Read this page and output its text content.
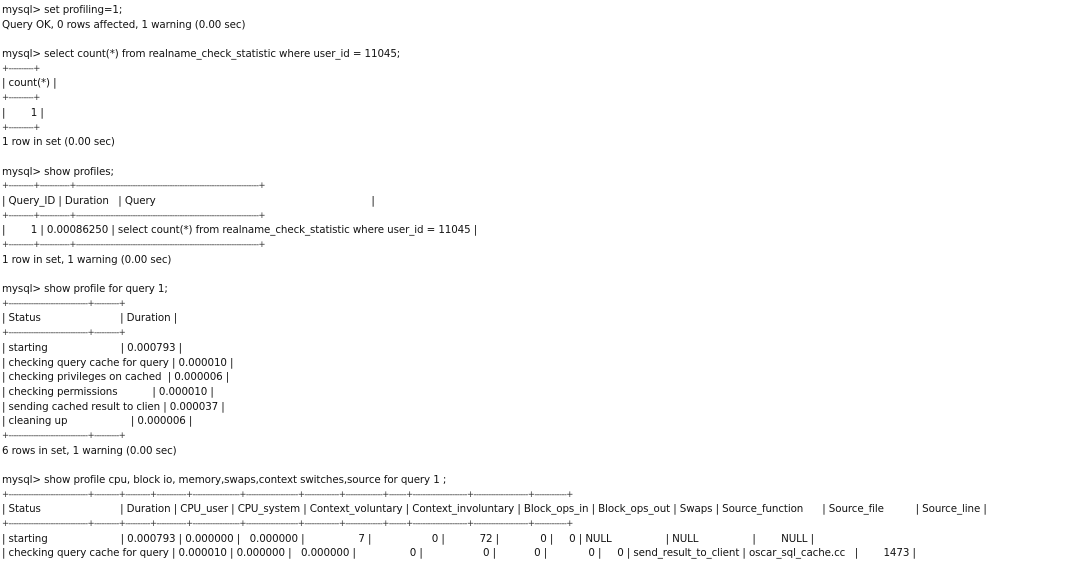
mysql> set profiling=1;
Query OK, 0 rows affected, 1 warning (0.00 sec)
mysql> select count(*) from realname_check_statistic where user_id = 11045;
+----------+
| count(*) |
+----------+
|        1 |
+----------+
1 row in set (0.00 sec)
mysql> show profiles;
+----------+------------+--------------------------------------------------------------------------+
| Query_ID | Duration   | Query                                                                    |
+----------+------------+--------------------------------------------------------------------------+
|        1 | 0.00086250 | select count(*) from realname_check_statistic where user_id = 11045 |
+----------+------------+--------------------------------------------------------------------------+
1 row in set, 1 warning (0.00 sec)
mysql> show profile for query 1;
+--------------------------------+----------+
| Status                         | Duration |
+--------------------------------+----------+
| starting                       | 0.000793 |
| checking query cache for query | 0.000010 |
| checking privileges on cached  | 0.000006 |
| checking permissions           | 0.000010 |
| sending cached result to clien | 0.000037 |
| cleaning up                    | 0.000006 |
+--------------------------------+----------+
6 rows in set, 1 warning (0.00 sec)
mysql> show profile cpu, block io, memory,swaps,context switches,source for query 1 ;
+--------------------------------+----------+----------+------------+-------------------+---------------------+--------------+---------------+-------+----------------------+----------------------+-------------+
| Status                         | Duration | CPU_user | CPU_system | Context_voluntary | Context_involuntary | Block_ops_in | Block_ops_out | Swaps | Source_function      | Source_file          | Source_line |
+--------------------------------+----------+----------+------------+-------------------+---------------------+--------------+---------------+-------+----------------------+----------------------+-------------+
| starting                       | 0.000793 | 0.000000 |   0.000000 |                 7 |                   0 |           72 |             0 |     0 | NULL                 | NULL                 |        NULL |
| checking query cache for query | 0.000010 | 0.000000 |   0.000000 |                 0 |                   0 |            0 |             0 |     0 | send_result_to_client | oscar_sql_cache.cc   |        1473 |
